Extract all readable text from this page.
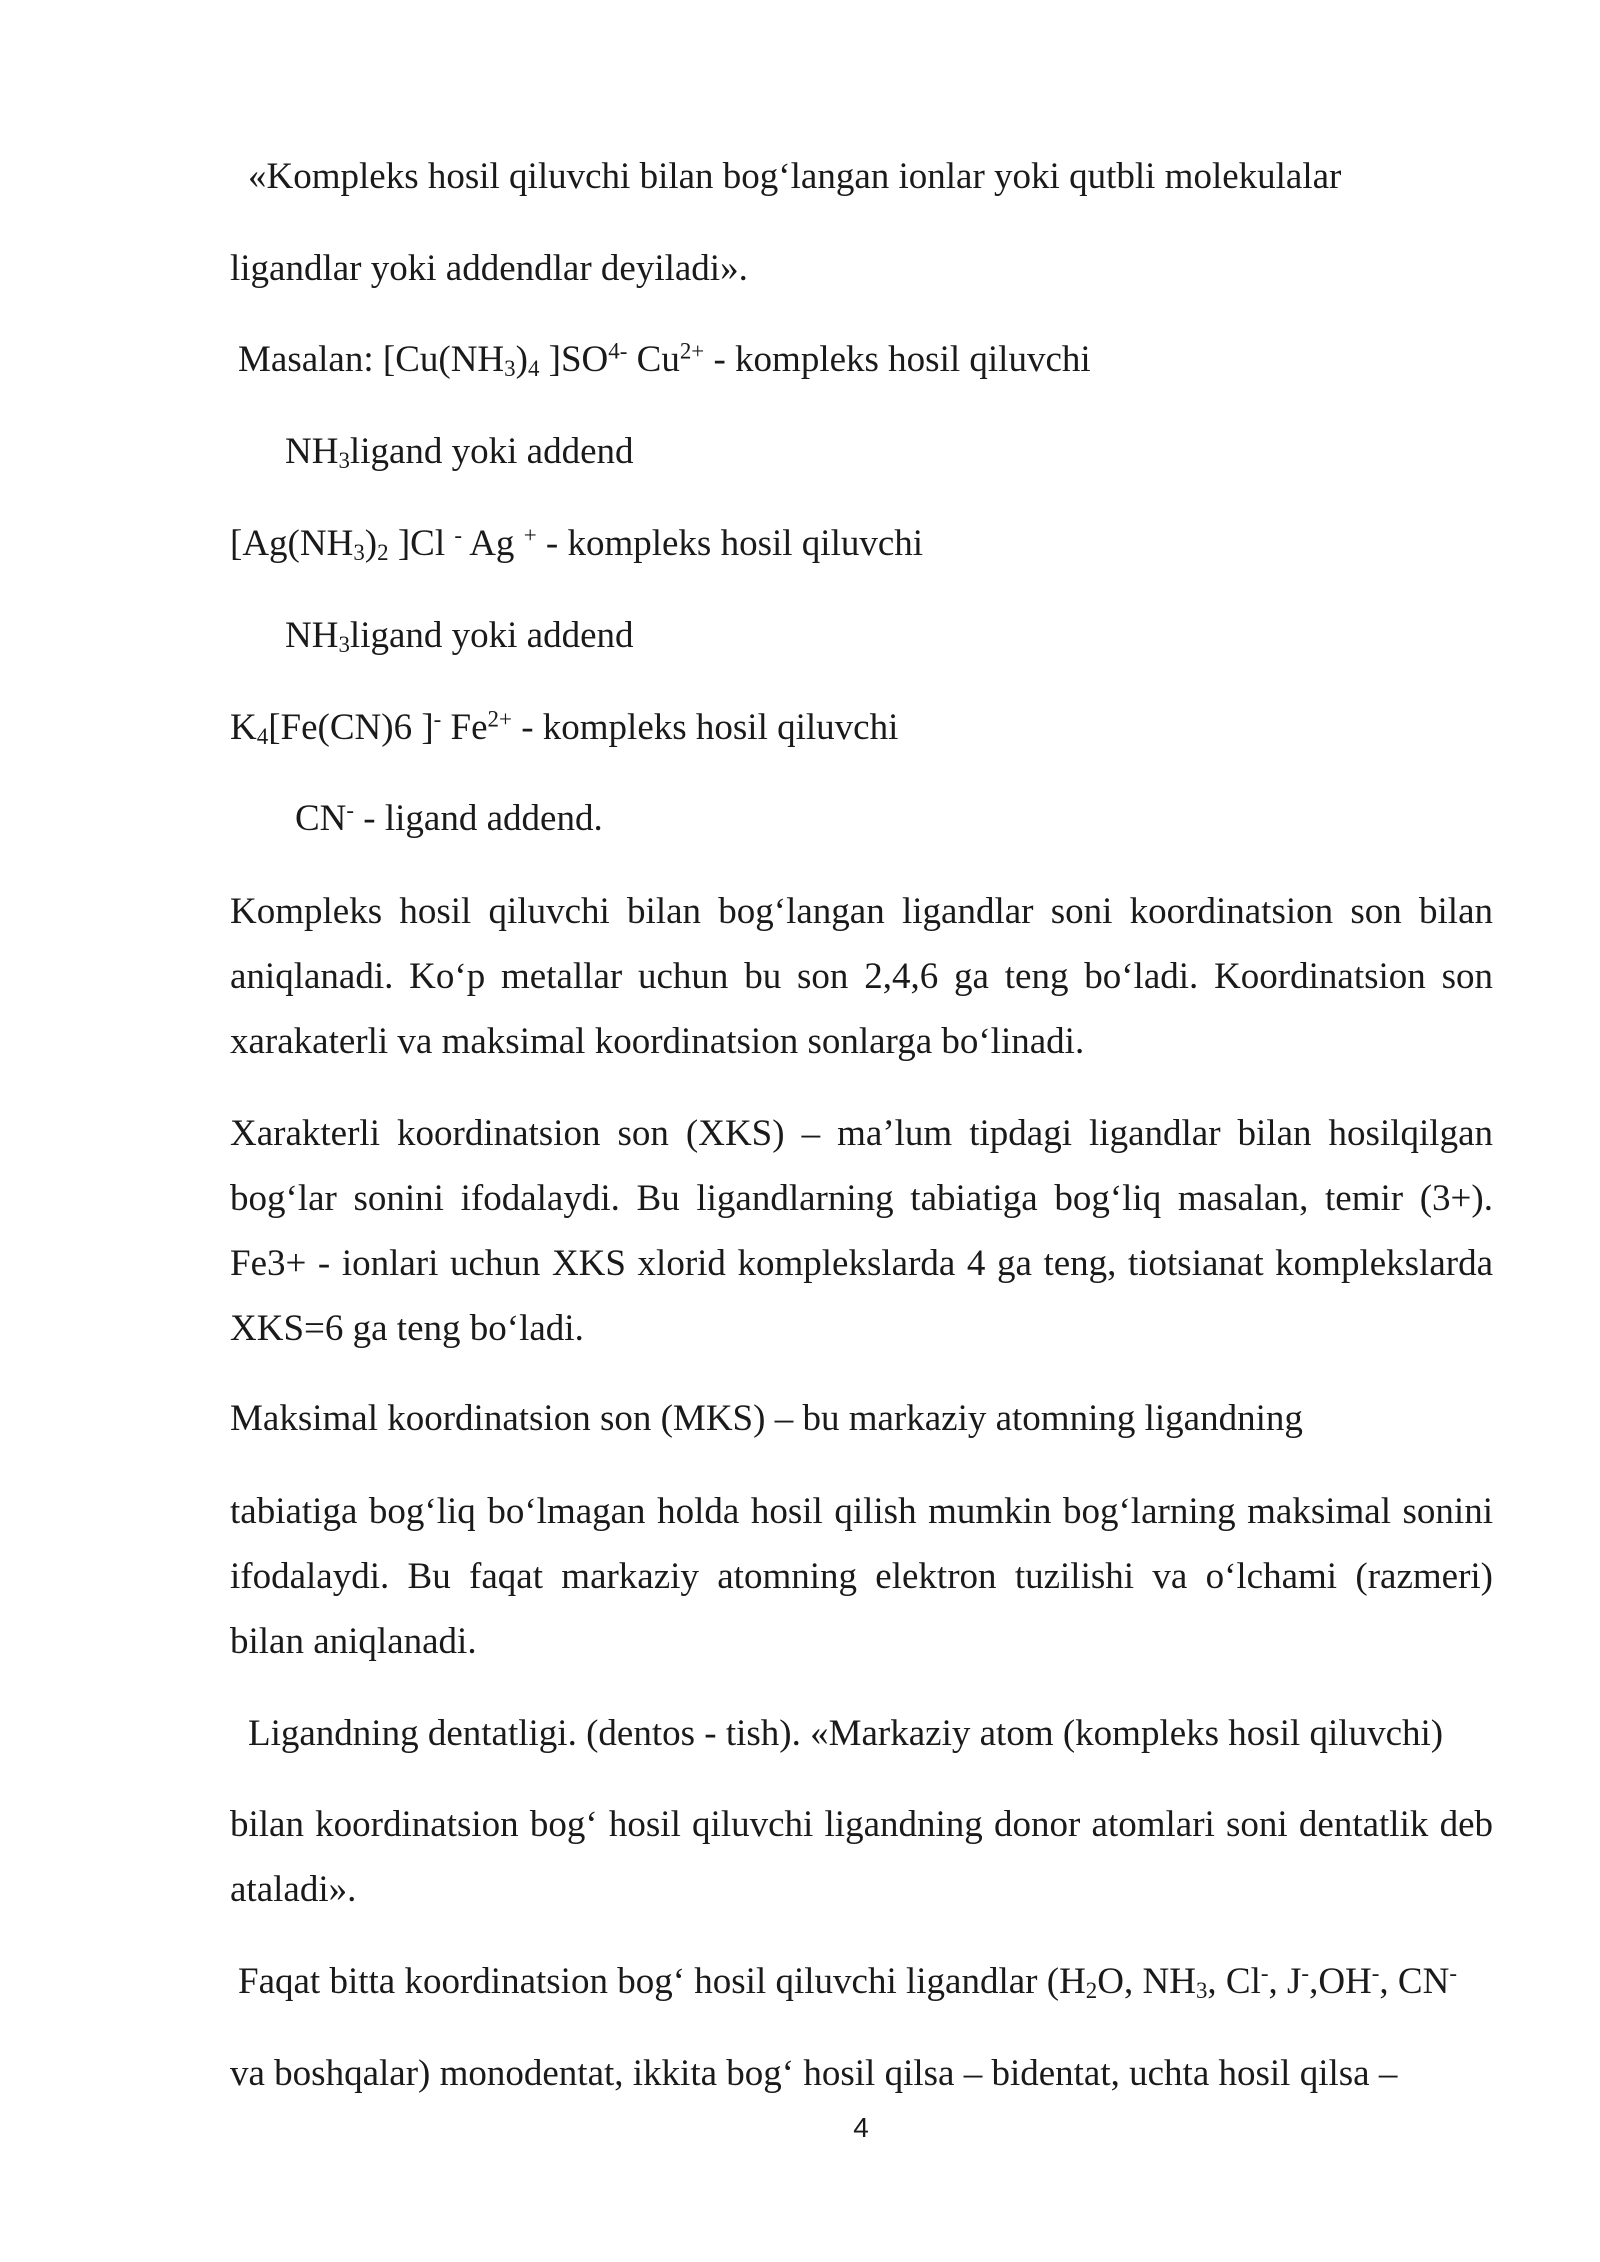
«Kompleks hosil qiluvchi bilan bog‘langan ionlar yoki qutbli molekulalar

ligandlar yoki addendlar deyiladi».

Masalan: [$Cu(NH_3)_4$ ]$SO^{4-}$ $Cu^{2+}$ - kompleks hosil qiluvchi

$NH_3ligand$ yoki addend

[$Ag(NH_3)_2$ ]Cl - Ag + - kompleks hosil qiluvchi

$NH_3ligand$ yoki addend

$K_4[Fe(CN)6$ ]- $Fe^{2+}$ - kompleks hosil qiluvchi

CN- - ligand addend.

Kompleks hosil qiluvchi bilan bog‘langan ligandlar soni koordinatsion son bilan aniqlanadi. Ko‘p metallar uchun bu son 2,4,6 ga teng bo‘ladi. Koordinatsion son xarakaterli va maksimal koordinatsion sonlarga bo‘linadi.

Xarakterli koordinatsion son (XKS) – ma’lum tipdagi ligandlar bilan hosilqilgan bog‘lar sonini ifodalaydi. Bu ligandlarning tabiatiga bog‘liq masalan, temir (3+). Fe3+ - ionlari uchun XKS xlorid komplekslarda 4 ga teng, tiotsianat komplekslarda XKS=6 ga teng bo‘ladi.

Maksimal koordinatsion son (MKS) – bu markaziy atomning ligandning

tabiatiga bog‘liq bo‘lmagan holda hosil qilish mumkin bog‘larning maksimal sonini ifodalaydi. Bu faqat markaziy atomning elektron tuzilishi va o‘lchami (razmeri) bilan aniqlanadi.

Ligandning dentatligi. (dentos - tish). «Markaziy atom (kompleks hosil qiluvchi)

bilan koordinatsion bog‘ hosil qiluvchi ligandning donor atomlari soni dentatlik deb ataladi».

Faqat bitta koordinatsion bog‘ hosil qiluvchi ligandlar ($H_2O$, $NH_3$, Cl-, J-,OH-, CN-

va boshqalar) monodentat, ikkita bog‘ hosil qilsa – bidentat, uchta hosil qilsa –

4
